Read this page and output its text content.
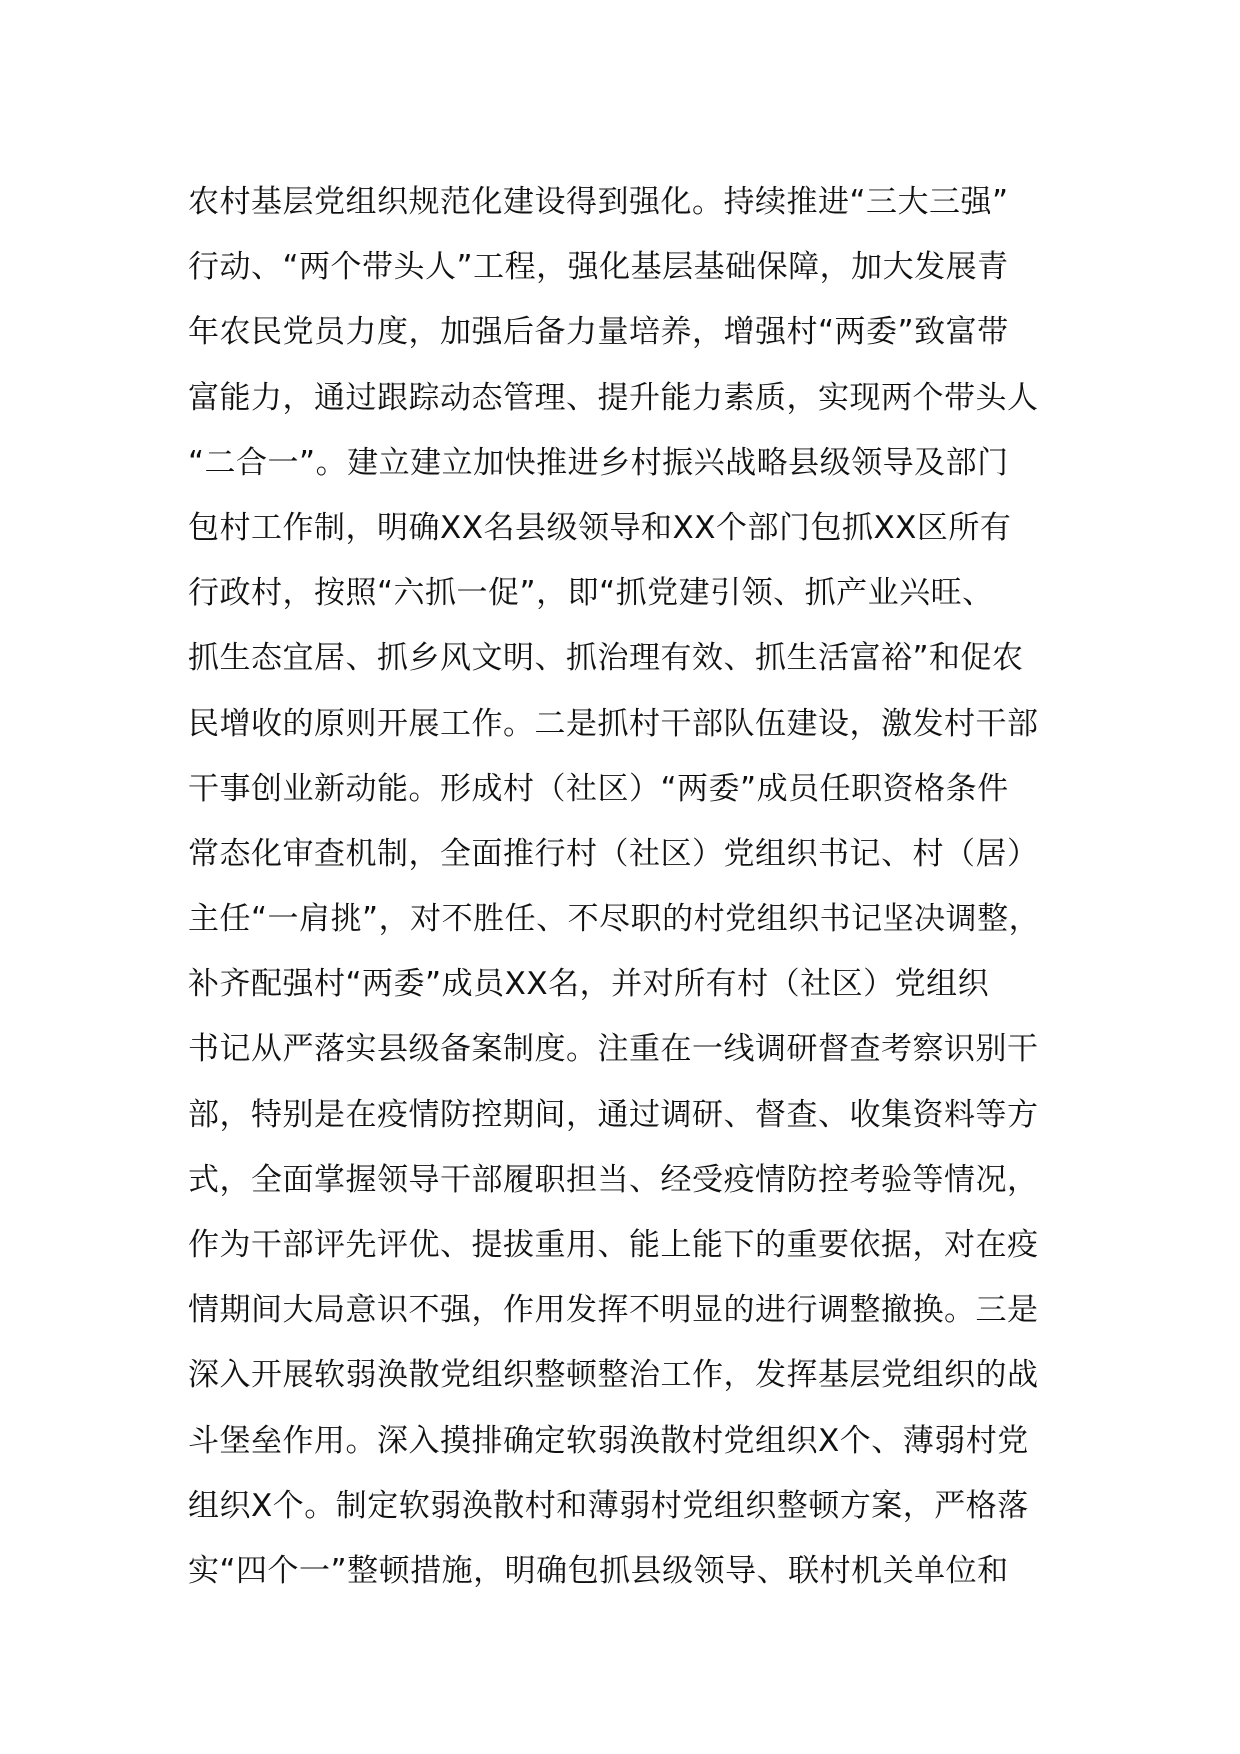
农村基层党组织规范化建设得到强化。持续推进“三大三强”
行动、“两个带头人”工程，强化基层基础保障，加大发展青
年农民党员力度，加强后备力量培养，增强村“两委”致富带
富能力，通过跟踪动态管理、提升能力素质，实现两个带头人
“二合一”。建立建立加快推进乡村振兴战略县级领导及部门
包村工作制，明确XX名县级领导和XX个部门包抓XX区所有
行政村，按照“六抓一促”，即“抓党建引领、抓产业兴旺、
抓生态宜居、抓乡风文明、抓治理有效、抓生活富裕”和促农
民增收的原则开展工作。二是抓村干部队伍建设，激发村干部
干事创业新动能。形成村（社区）“两委”成员任职资格条件
常态化审查机制，全面推行村（社区）党组织书记、村（居）
主任“一肩挑”，对不胜任、不尽职的村党组织书记坚决调整，
补齐配强村“两委”成员XX名，并对所有村（社区）党组织
书记从严落实县级备案制度。注重在一线调研督查考察识别干
部，特别是在疫情防控期间，通过调研、督查、收集资料等方
式，全面掌握领导干部履职担当、经受疫情防控考验等情况，
作为干部评先评优、提拔重用、能上能下的重要依据，对在疫
情期间大局意识不强，作用发挥不明显的进行调整撤换。三是
深入开展软弱涣散党组织整顿整治工作，发挥基层党组织的战
斗堡垒作用。深入摸排确定软弱涣散村党组织X个、薄弱村党
组织X个。制定软弱涣散村和薄弱村党组织整顿方案，严格落
实“四个一”整顿措施，明确包抓县级领导、联村机关单位和
